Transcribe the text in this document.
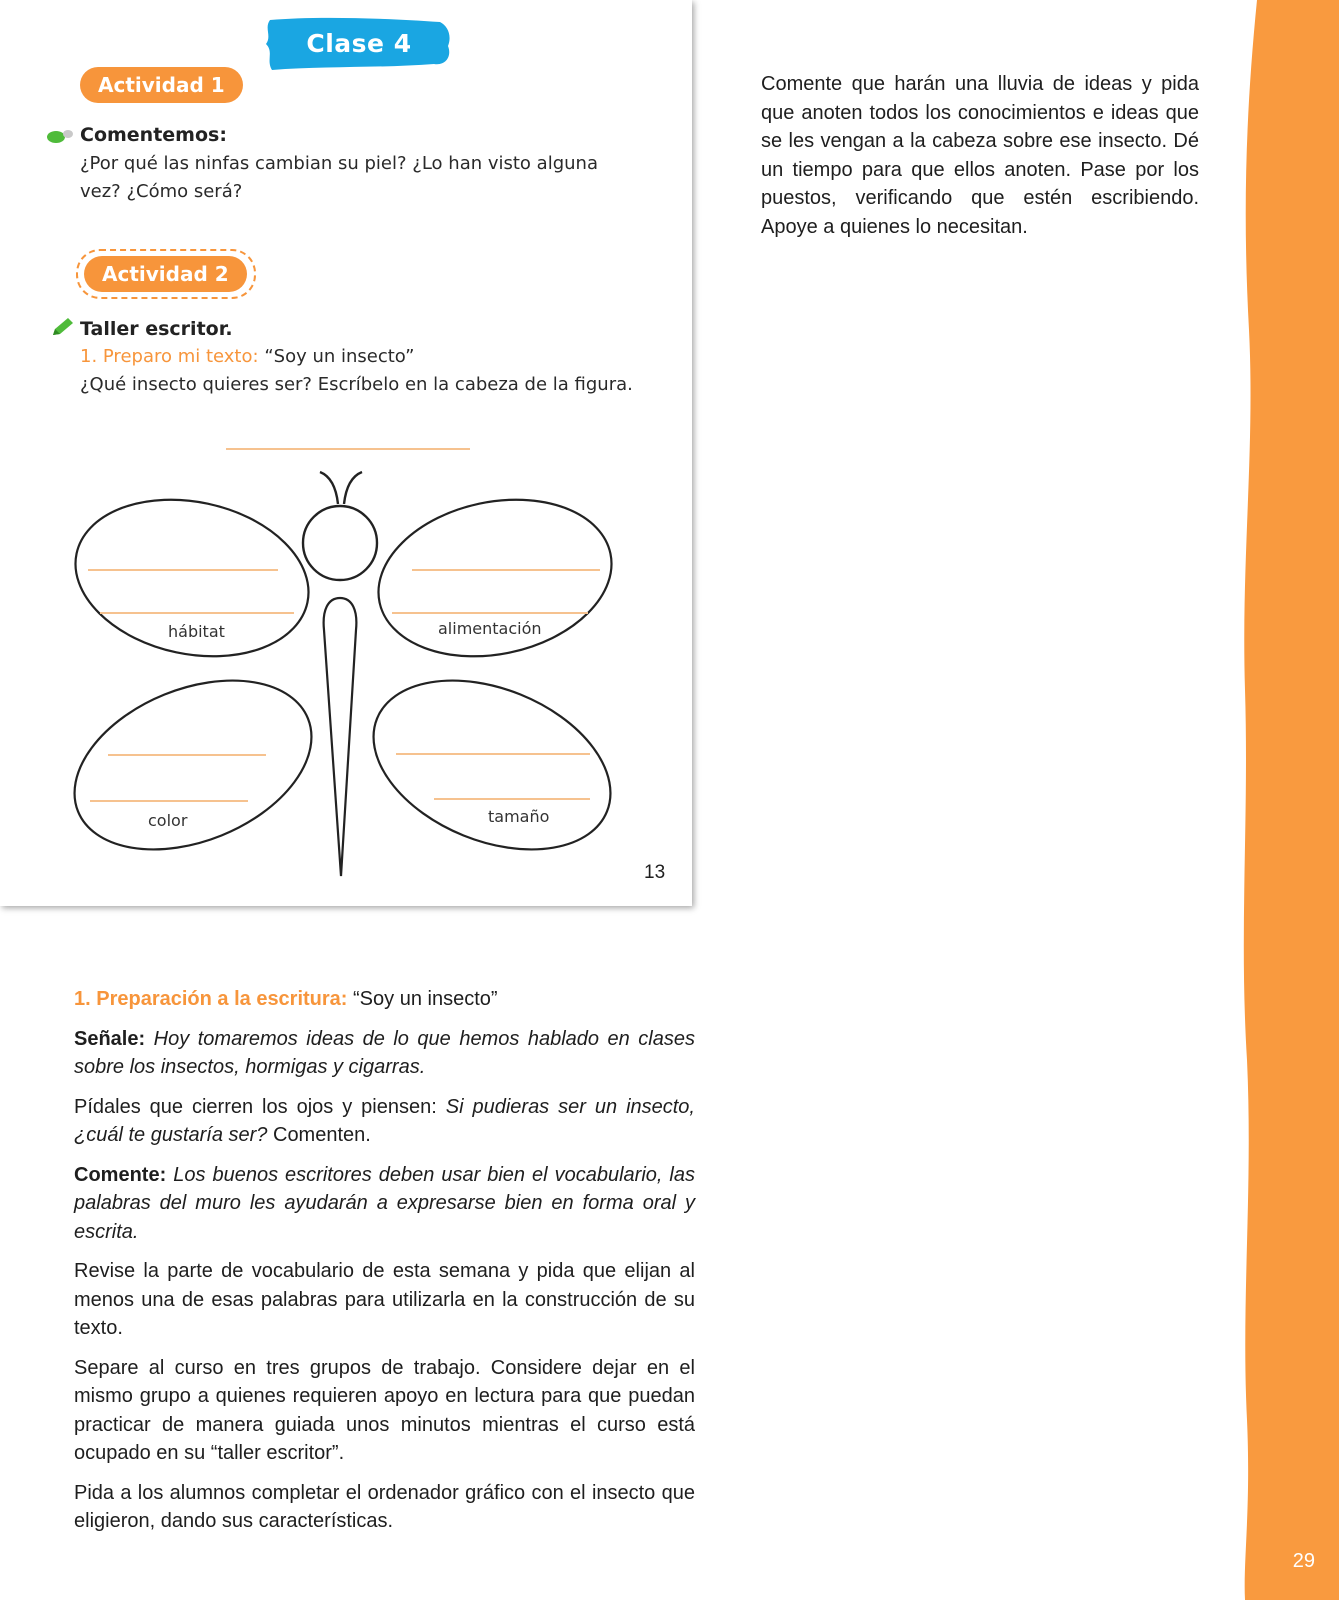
29
Clase 4
Actividad 1
Comentemos:
¿Por qué las ninfas cambian su piel? ¿Lo han visto alguna vez? ¿Cómo será?
Actividad 2
Taller escritor.
1. Preparo mi texto: “Soy un insecto”
¿Qué insecto quieres ser? Escríbelo en la cabeza de la figura.
hábitat	alimentación
color	tamaño
13
Comente que harán una lluvia de ideas y pida que anoten todos los conocimientos e ideas que se les vengan a la cabeza sobre ese insecto. Dé un tiempo para que ellos anoten. Pase por los puestos, verificando que estén escribiendo. Apoye a quienes lo necesitan.

1. Preparación a la escritura: “Soy un insecto”

Señale: Hoy tomaremos ideas de lo que hemos hablado en clases sobre los insectos, hormigas y cigarras.

Pídales que cierren los ojos y piensen: Si pudieras ser un insecto, ¿cuál te gustaría ser? Comenten.

Comente: Los buenos escritores deben usar bien el vocabulario, las palabras del muro les ayudarán a expresarse bien en forma oral y escrita.

Revise la parte de vocabulario de esta semana y pida que elijan al menos una de esas palabras para utilizarla en la construcción de su texto.

Separe al curso en tres grupos de trabajo. Considere dejar en el mismo grupo a quienes requieren apoyo en lectura para que puedan practicar de manera guiada unos minutos mientras el curso está ocupado en su “taller escritor”.

Pida a los alumnos completar el ordenador gráfico con el insecto que eligieron, dando sus características.
